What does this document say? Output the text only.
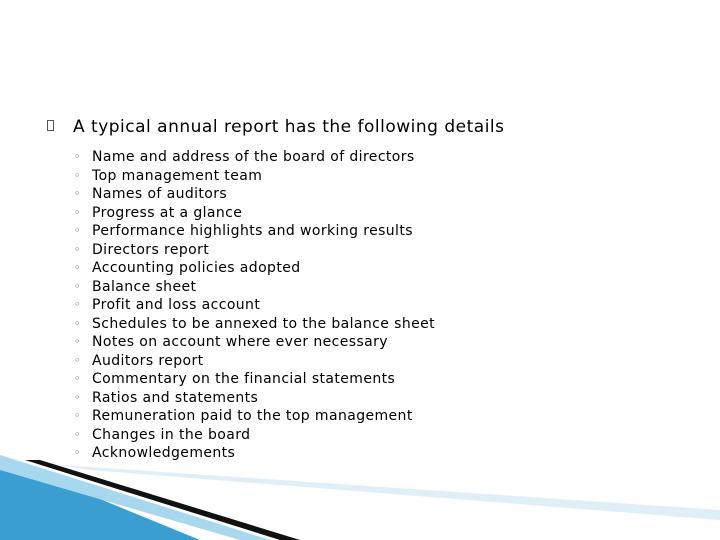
A typical annual report has the following details
◦ Name and address of the board of directors
◦ Top management team
◦ Names of auditors
◦ Progress at a glance
◦ Performance highlights and working results
◦ Directors report
◦ Accounting policies adopted
◦ Balance sheet
◦ Profit and loss account
◦ Schedules to be annexed to the balance sheet
◦ Notes on account where ever necessary
◦ Auditors report
◦ Commentary on the financial statements
◦ Ratios and statements
◦ Remuneration paid to the top management
◦ Changes in the board
◦ Acknowledgements
